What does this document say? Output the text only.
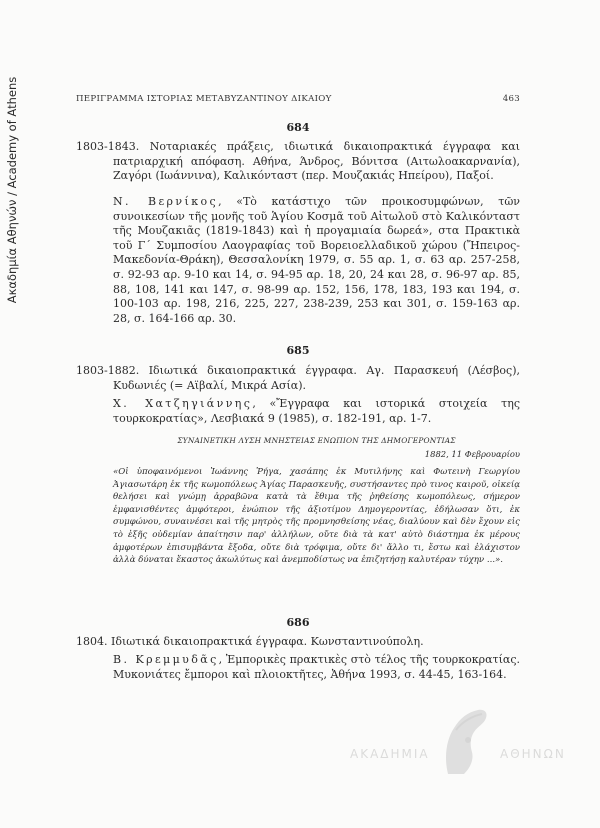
Ακαδημία Αθηνών / Academy of Athens	ΠΕΡΙΓΡΑΜΜΑ ΙΣΤΟΡΙΑΣ ΜΕΤΑΒΥΖΑΝΤΙΝΟΥ ΔΙΚΑΙΟΥ	463
684
1803-1843. Νοταριακές πράξεις, ιδιωτικά δικαιοπρακτικά έγγραφα και πατριαρχική απόφαση. Αθήνα, Άνδρος, Βόνιτσα (Αιτωλοακαρνανία), Ζαγόρι (Ιωάννινα), Καλικόνταστ (περ. Μουζακιάς Ηπείρου), Παξοί.
Ν. Βερνίκος, «Τὸ κατάστιχο τῶν προικοσυμφώνων, τῶν συνοικεσίων τῆς μονῆς τοῦ Ἁγίου Κοσμᾶ τοῦ Αἰτωλοῦ στὸ Καλικόνταστ τῆς Μουζακιᾶς (1819-1843) καὶ ἡ προγαμιαία δωρεά», στα Πρακτικὰ τοῦ Γ΄ Συμποσίου Λαογραφίας τοῦ Βορειοελλαδικοῦ χώρου (Ἤπειρος-Μακεδονία-Θράκη), Θεσσαλονίκη 1979, σ. 55 αρ. 1, σ. 63 αρ. 257-258, σ. 92-93 αρ. 9-10 και 14, σ. 94-95 αρ. 18, 20, 24 και 28, σ. 96-97 αρ. 85, 88, 108, 141 και 147, σ. 98-99 αρ. 152, 156, 178, 183, 193 και 194, σ. 100-103 αρ. 198, 216, 225, 227, 238-239, 253 και 301, σ. 159-163 αρ. 28, σ. 164-166 αρ. 30.
685
1803-1882. Ιδιωτικά δικαιοπρακτικά έγγραφα. Αγ. Παρασκευή (Λέσβος), Κυδωνιές (= Αϊβαλί, Μικρά Ασία).
Χ. Χατζηγιάννης, «Ἔγγραφα και ιστορικά στοιχεία της τουρκοκρατίας», Λεσβιακά 9 (1985), σ. 182-191, αρ. 1-7.
ΣΥΝΑΙΝΕΤΙΚΗ ΛΥΣΗ ΜΝΗΣΤΕΙΑΣ ΕΝΩΠΙΟΝ ΤΗΣ ΔΗΜΟΓΕΡΟΝΤΙΑΣ
1882, 11 Φεβρουαρίου
«Οἱ ὑποφαινόμενοι Ἰωάννης Ῥήγα, χασάπης ἐκ Μυτιλήνης καὶ Φωτεινὴ Γεωργίου Ἀγιασωτάρη ἐκ τῆς κωμοπόλεως Ἁγίας Παρασκευῆς, συστήσαντες πρὸ τινος καιροῦ, οἰκείᾳ θελήσει καὶ γνώμῃ ἀρραβῶνα κατὰ τὰ ἔθιμα τῆς ῥηθείσης κωμοπόλεως, σήμερον ἐμφανισθέντες ἀμφότεροι, ἐνώπιον τῆς ἀξιοτίμου Δημογεροντίας, ἐδήλωσαν ὅτι, ἐκ συμφώνου, συναινέσει καὶ τῆς μητρὸς τῆς προμνησθείσης νέας, διαλύουν καὶ δὲν ἔχουν εἰς τὸ ἑξῆς οὐδεμίαν ἀπαίτησιν παρ' ἀλλήλων, οὔτε διὰ τὰ κατ' αὐτὸ διάστημα ἐκ μέρους ἀμφοτέρων ἐπισυμβάντα ἔξοδα, οὔτε διὰ τρόφιμα, οὔτε δι' ἄλλο τι, ἔστω καὶ ἐλάχιστον ἀλλὰ δύναται ἕκαστος ἀκωλύτως καὶ ἀνεμποδίστως να ἐπιζητήσῃ καλυτέραν τύχην ...».
686
1804. Ιδιωτικά δικαιοπρακτικά έγγραφα. Κωνσταντινούπολη.
Β. Κρεμμυδᾶς, Ἐμπορικὲς πρακτικὲς στὸ τέλος τῆς τουρκοκρατίας. Μυκονιάτες ἔμποροι καὶ πλοιοκτῆτες, Ἀθήνα 1993, σ. 44-45, 163-164.
ΑΚΑΔΗΜΙΑ	ΑΘΗΝΩΝ
